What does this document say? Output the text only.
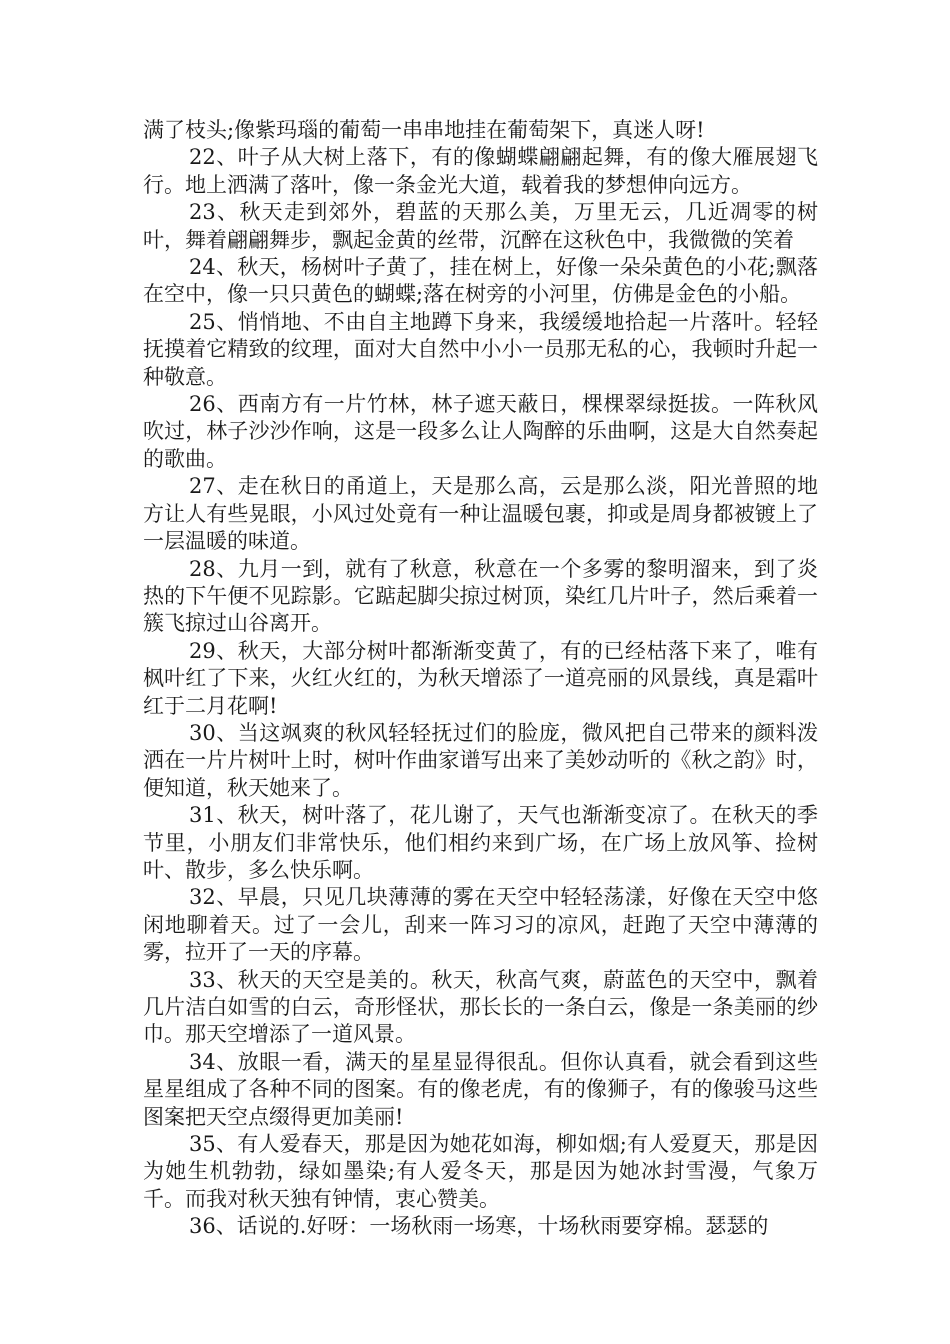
满了枝头;像紫玛瑙的葡萄一串串地挂在葡萄架下，真迷人呀!

22、叶子从大树上落下，有的像蝴蝶翩翩起舞，有的像大雁展翅飞行。地上洒满了落叶，像一条金光大道，载着我的梦想伸向远方。

23、秋天走到郊外，碧蓝的天那么美，万里无云，几近凋零的树叶，舞着翩翩舞步，飘起金黄的丝带，沉醉在这秋色中，我微微的笑着

24、秋天，杨树叶子黄了，挂在树上，好像一朵朵黄色的小花;飘落在空中，像一只只黄色的蝴蝶;落在树旁的小河里，仿佛是金色的小船。

25、悄悄地、不由自主地蹲下身来，我缓缓地拾起一片落叶。轻轻抚摸着它精致的纹理，面对大自然中小小一员那无私的心，我顿时升起一种敬意。

26、西南方有一片竹林，林子遮天蔽日，棵棵翠绿挺拔。一阵秋风吹过，林子沙沙作响，这是一段多么让人陶醉的乐曲啊，这是大自然奏起的歌曲。

27、走在秋日的甬道上，天是那么高，云是那么淡，阳光普照的地方让人有些晃眼，小风过处竟有一种让温暖包裹，抑或是周身都被镀上了一层温暖的味道。

28、九月一到，就有了秋意，秋意在一个多雾的黎明溜来，到了炎热的下午便不见踪影。它踮起脚尖掠过树顶，染红几片叶子，然后乘着一簇飞掠过山谷离开。

29、秋天，大部分树叶都渐渐变黄了，有的已经枯落下来了，唯有枫叶红了下来，火红火红的，为秋天增添了一道亮丽的风景线，真是霜叶红于二月花啊!

30、当这飒爽的秋风轻轻抚过们的脸庞，微风把自己带来的颜料泼洒在一片片树叶上时，树叶作曲家谱写出来了美妙动听的《秋之韵》时，便知道，秋天她来了。

31、秋天，树叶落了，花儿谢了，天气也渐渐变凉了。在秋天的季节里，小朋友们非常快乐，他们相约来到广场，在广场上放风筝、捡树叶、散步，多么快乐啊。

32、早晨，只见几块薄薄的雾在天空中轻轻荡漾，好像在天空中悠闲地聊着天。过了一会儿，刮来一阵习习的凉风，赶跑了天空中薄薄的雾，拉开了一天的序幕。

33、秋天的天空是美的。秋天，秋高气爽，蔚蓝色的天空中，飘着几片洁白如雪的白云，奇形怪状，那长长的一条白云，像是一条美丽的纱巾。那天空增添了一道风景。

34、放眼一看，满天的星星显得很乱。但你认真看，就会看到这些星星组成了各种不同的图案。有的像老虎，有的像狮子，有的像骏马这些图案把天空点缀得更加美丽!

35、有人爱春天，那是因为她花如海，柳如烟;有人爱夏天，那是因为她生机勃勃，绿如墨染;有人爱冬天，那是因为她冰封雪漫，气象万千。而我对秋天独有钟情，衷心赞美。

36、话说的.好呀：一场秋雨一场寒，十场秋雨要穿棉。瑟瑟的
